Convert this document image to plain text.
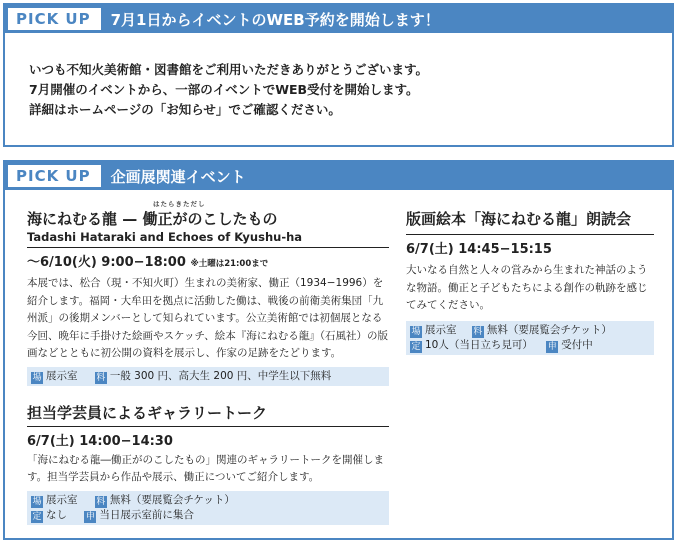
PICK UP	7月1日からイベントのWEB予約を開始します！
いつも不知火美術館・図書館をご利用いただきありがとうございます。
7月開催のイベントから、一部のイベントでWEB受付を開始します。
詳細はホームページの「お知らせ」でご確認ください。
PICK UP	企画展関連イベント
はたらきただし
海にねむる龍 — 働正がのこしたもの
Tadashi Hataraki and Echoes of Kyushu-ha
～6/10(火) 9:00−18:00 ※土曜は21:00まで
本展では、松合（現・不知火町）生まれの美術家、働正（1934−1996）を紹介します。福岡・大牟田を拠点に活動した働は、戦後の前衛美術集団「九州派」の後期メンバーとして知られています。公立美術館では初個展となる今回、晩年に手掛けた絵画やスケッチ、絵本『海にねむる龍』（石風社）の版画などとともに初公開の資料を展示し、作家の足跡をたどります。
場 展示室 料 一般 300 円、高大生 200 円、中学生以下無料
担当学芸員によるギャラリートーク
6/7(土) 14:00−14:30
「海にねむる龍―働正がのこしたもの」関連のギャラリートークを開催します。担当学芸員から作品や展示、働正についてご紹介します。
場 展示室 料 無料（要展覧会チケット）
定 なし 申 当日展示室前に集合
版画絵本「海にねむる龍」朗読会
6/7(土) 14:45−15:15
大いなる自然と人々の営みから生まれた神話のような物語。働正と子どもたちによる創作の軌跡を感じてみてください。
場 展示室 料 無料（要展覧会チケット）
定 10人（当日立ち見可） 申 受付中
